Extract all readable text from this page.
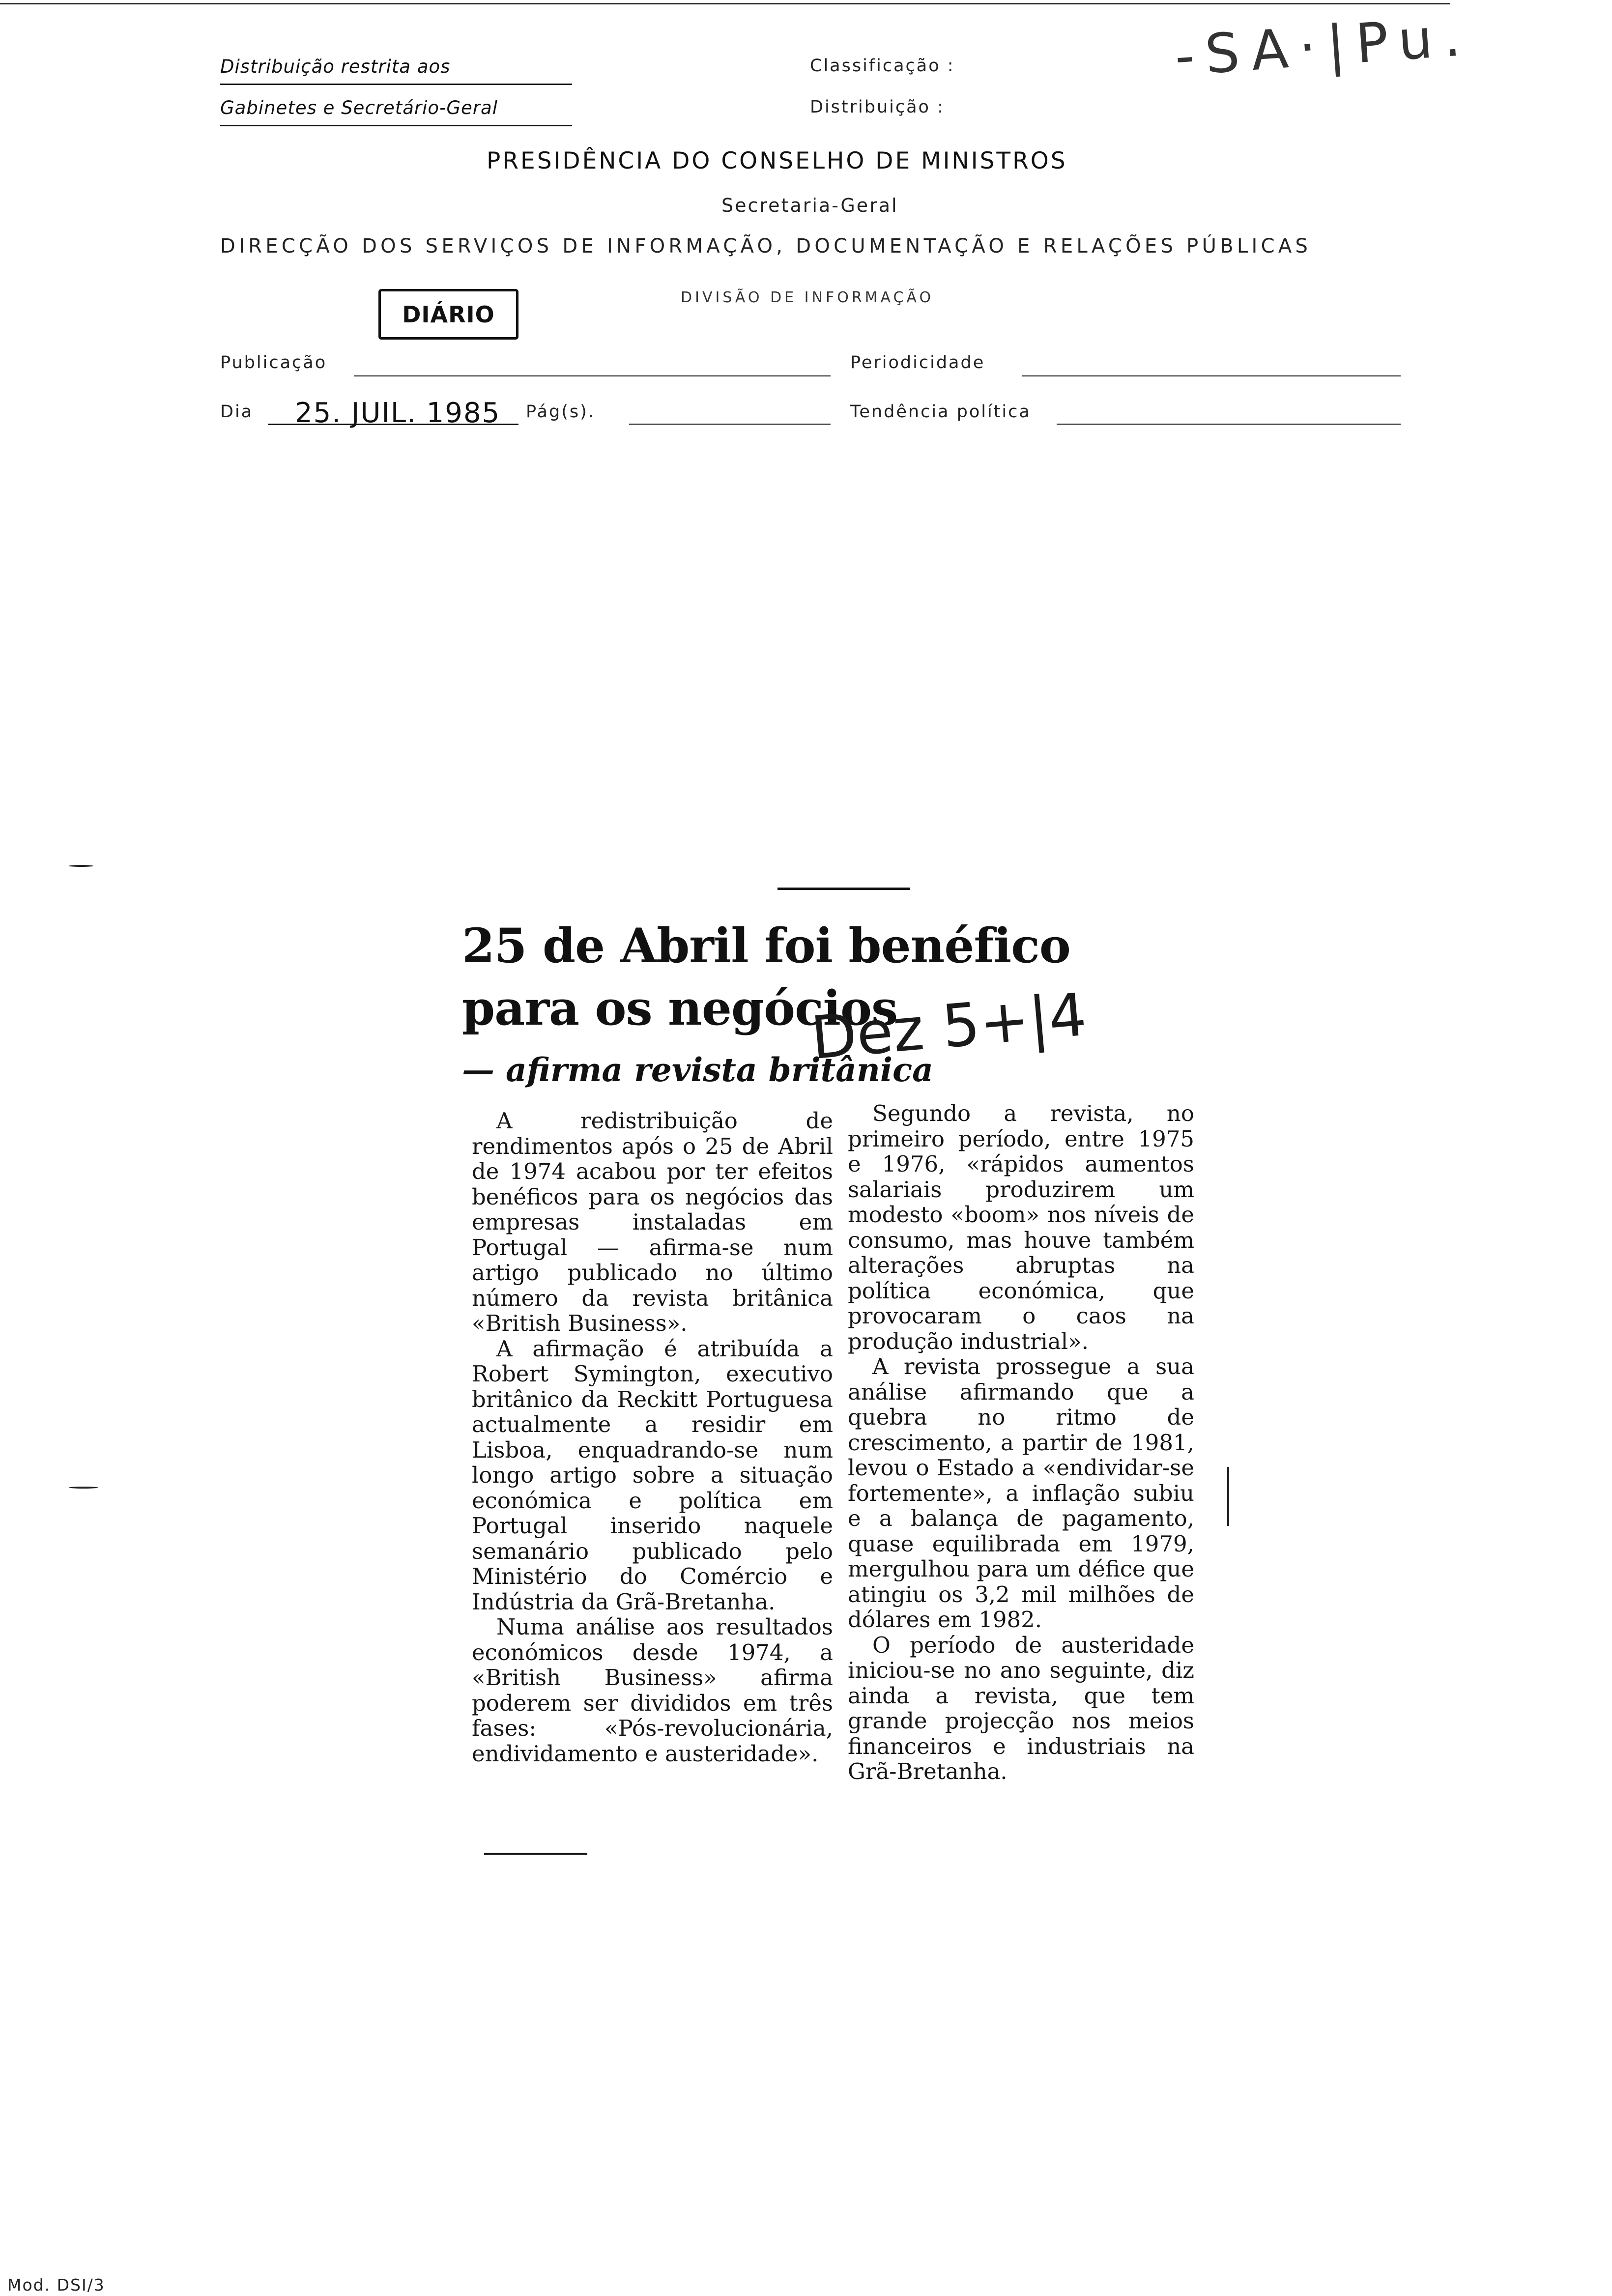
Distribuição restrita aos
Gabinetes e Secretário-Geral
Classificação :
Distribuição :
-SA·|Pu.
PRESIDÊNCIA DO CONSELHO DE MINISTROS
Secretaria-Geral
DIRECÇÃO DOS SERVIÇOS DE INFORMAÇÃO, DOCUMENTAÇÃO E RELAÇÕES PÚBLICAS
DIVISÃO DE INFORMAÇÃO
DIÁRIO
Publicação	Periodicidade
Dia 25. JUIL. 1985 Pág(s).	Tendência política
25 de Abril foi benéfico
para os negócios
— afirma revista britânica
Dez 5+|4

A redistribuição de rendimentos após o 25 de Abril de 1974 acabou por ter efeitos benéficos para os negócios das empresas instaladas em Portugal — afirma-se num artigo publicado no último número da revista britânica «British Business».

A afirmação é atribuída a Robert Symington, executivo britânico da Reckitt Portuguesa actualmente a residir em Lisboa, enquadrando-se num longo artigo sobre a situação económica e política em Portugal inserido naquele semanário publicado pelo Ministério do Comércio e Indústria da Grã-Bretanha.

Numa análise aos resultados económicos desde 1974, a «British Business» afirma poderem ser divididos em três fases: «Pós-revolucionária, endividamento e austeridade».

Segundo a revista, no primeiro período, entre 1975 e 1976, «rápidos aumentos salariais produzirem um modesto «boom» nos níveis de consumo, mas houve também alterações abruptas na política económica, que provocaram o caos na produção industrial».

A revista prossegue a sua análise afirmando que a quebra no ritmo de crescimento, a partir de 1981, levou o Estado a «endividar-se fortemente», a inflação subiu e a balança de pagamento, quase equilibrada em 1979, mergulhou para um défice que atingiu os 3,2 mil milhões de dólares em 1982.

O período de austeridade iniciou-se no ano seguinte, diz ainda a revista, que tem grande projecção nos meios financeiros e industriais na Grã-Bretanha.

Mod. DSI/3
